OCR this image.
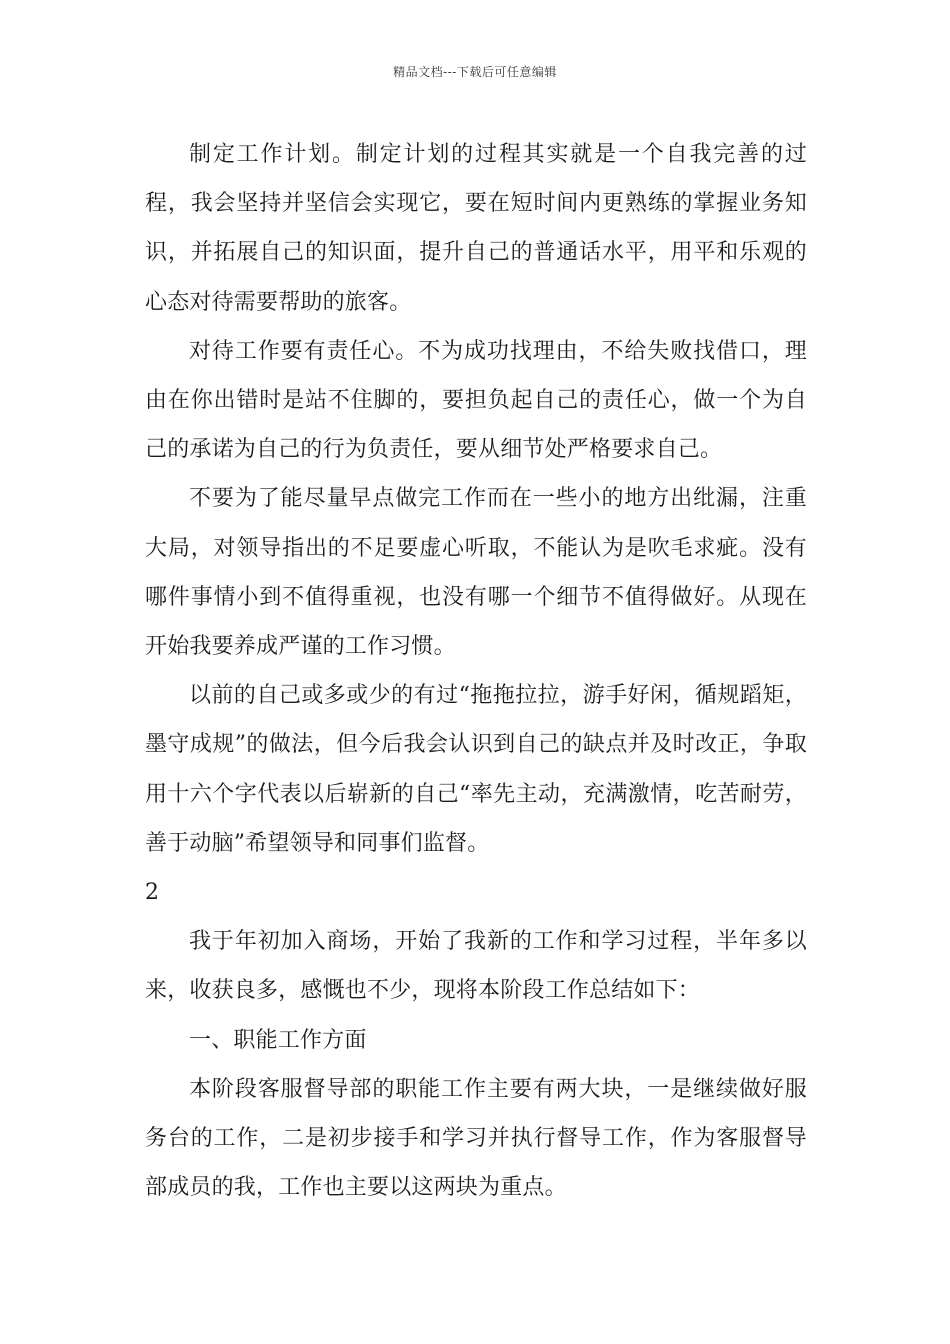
精品文档---下载后可任意编辑

制定工作计划。制定计划的过程其实就是一个自我完善的过程，我会坚持并坚信会实现它，要在短时间内更熟练的掌握业务知识，并拓展自己的知识面，提升自己的普通话水平，用平和乐观的心态对待需要帮助的旅客。

对待工作要有责任心。不为成功找理由，不给失败找借口，理由在你出错时是站不住脚的，要担负起自己的责任心，做一个为自己的承诺为自己的行为负责任，要从细节处严格要求自己。

不要为了能尽量早点做完工作而在一些小的地方出纰漏，注重大局，对领导指出的不足要虚心听取，不能认为是吹毛求疵。没有哪件事情小到不值得重视，也没有哪一个细节不值得做好。从现在开始我要养成严谨的工作习惯。

以前的自己或多或少的有过“拖拖拉拉，游手好闲，循规蹈矩，墨守成规”的做法，但今后我会认识到自己的缺点并及时改正，争取用十六个字代表以后崭新的自己“率先主动，充满激情，吃苦耐劳，善于动脑”希望领导和同事们监督。

2

我于年初加入商场，开始了我新的工作和学习过程，半年多以来，收获良多，感慨也不少，现将本阶段工作总结如下：

一、职能工作方面

本阶段客服督导部的职能工作主要有两大块，一是继续做好服务台的工作，二是初步接手和学习并执行督导工作，作为客服督导部成员的我，工作也主要以这两块为重点。
